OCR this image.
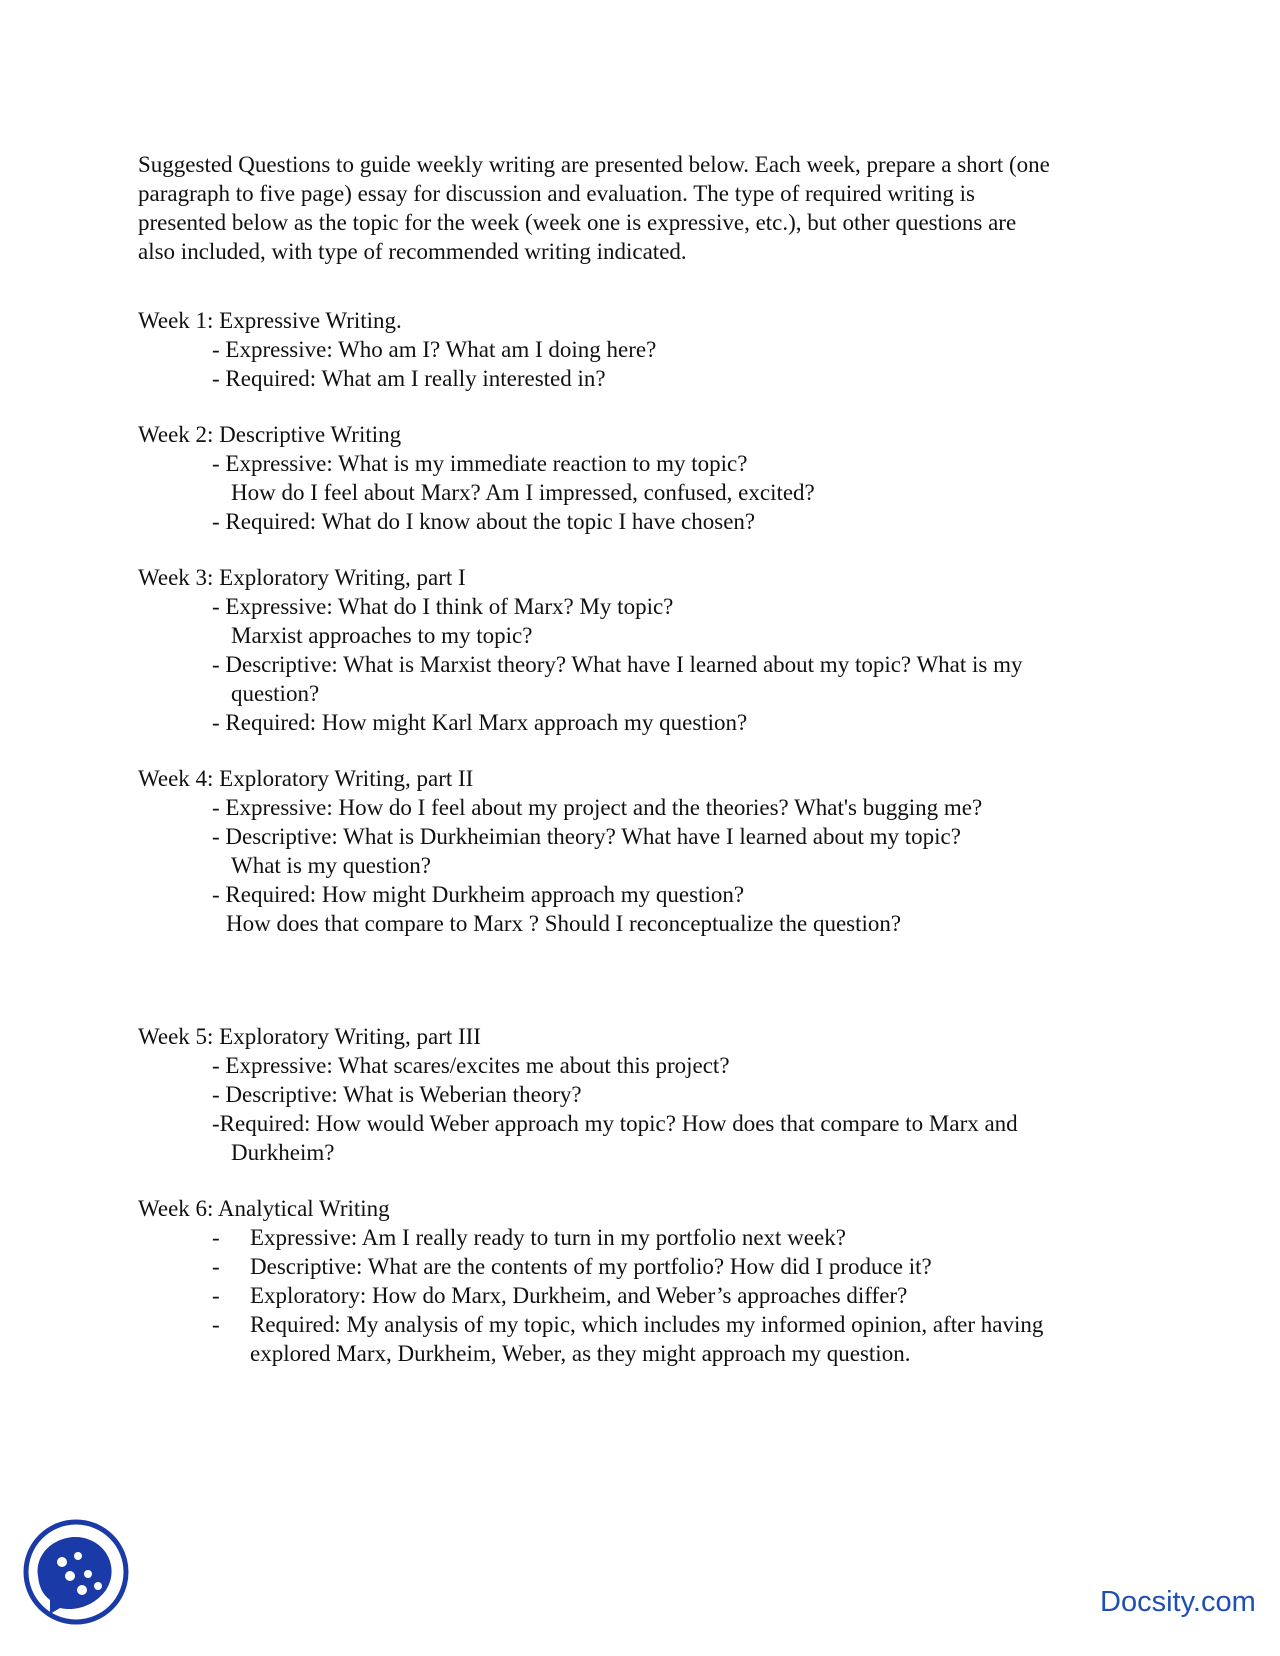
Suggested Questions to guide weekly writing are presented below. Each week, prepare a short (one
paragraph to five page) essay for discussion and evaluation. The type of required writing is
presented below as the topic for the week (week one is expressive, etc.), but other questions are
also included, with type of recommended writing indicated.
Week 1: Expressive Writing.
- Expressive: Who am I? What am I doing here?
- Required: What am I really interested in?
Week 2: Descriptive Writing
- Expressive: What is my immediate reaction to my topic?
How do I feel about Marx? Am I impressed, confused, excited?
- Required: What do I know about the topic I have chosen?
Week 3: Exploratory Writing, part I
- Expressive: What do I think of Marx? My topic?
Marxist approaches to my topic?
- Descriptive: What is Marxist theory? What have I learned about my topic? What is my
question?
- Required: How might Karl Marx approach my question?
Week 4: Exploratory Writing, part II
- Expressive: How do I feel about my project and the theories? What's bugging me?
- Descriptive: What is Durkheimian theory? What have I learned about my topic?
What is my question?
- Required: How might Durkheim approach my question?
How does that compare to Marx ? Should I reconceptualize the question?
Week 5: Exploratory Writing, part III
- Expressive: What scares/excites me about this project?
- Descriptive: What is Weberian theory?
-Required: How would Weber approach my topic? How does that compare to Marx and
Durkheim?
Week 6: Analytical Writing
-	Expressive: Am I really ready to turn in my portfolio next week?
-	Descriptive: What are the contents of my portfolio? How did I produce it?
-	Exploratory: How do Marx, Durkheim, and Weber’s approaches differ?
-	Required: My analysis of my topic, which includes my informed opinion, after having
explored Marx, Durkheim, Weber, as they might approach my question.
Docsity.com
